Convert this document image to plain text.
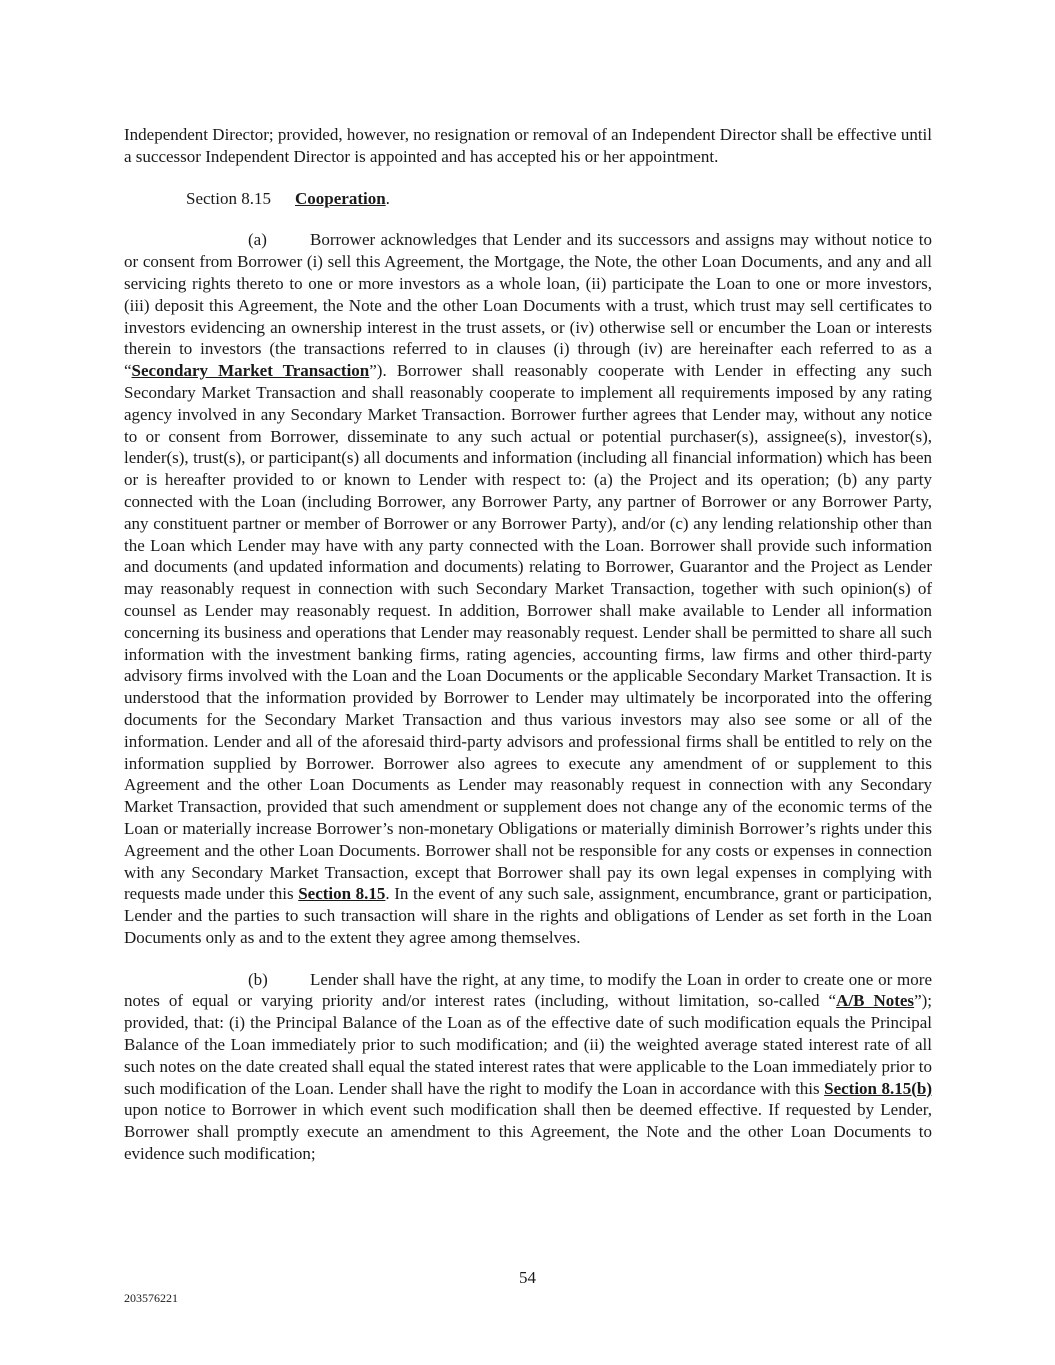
Independent Director; provided, however, no resignation or removal of an Independent Director shall be effective until a successor Independent Director is appointed and has accepted his or her appointment.

Section 8.15 Cooperation.

(a)	Borrower acknowledges that Lender and its successors and assigns may without notice to or consent from Borrower (i) sell this Agreement, the Mortgage, the Note, the other Loan Documents, and any and all servicing rights thereto to one or more investors as a whole loan, (ii) participate the Loan to one or more investors, (iii) deposit this Agreement, the Note and the other Loan Documents with a trust, which trust may sell certificates to investors evidencing an ownership interest in the trust assets, or (iv) otherwise sell or encumber the Loan or interests therein to investors (the transactions referred to in clauses (i) through (iv) are hereinafter each referred to as a “Secondary Market Transaction”). Borrower shall reasonably cooperate with Lender in effecting any such Secondary Market Transaction and shall reasonably cooperate to implement all requirements imposed by any rating agency involved in any Secondary Market Transaction. Borrower further agrees that Lender may, without any notice to or consent from Borrower, disseminate to any such actual or potential purchaser(s), assignee(s), investor(s), lender(s), trust(s), or participant(s) all documents and information (including all financial information) which has been or is hereafter provided to or known to Lender with respect to: (a) the Project and its operation; (b) any party connected with the Loan (including Borrower, any Borrower Party, any partner of Borrower or any Borrower Party, any constituent partner or member of Borrower or any Borrower Party), and/or (c) any lending relationship other than the Loan which Lender may have with any party connected with the Loan. Borrower shall provide such information and documents (and updated information and documents) relating to Borrower, Guarantor and the Project as Lender may reasonably request in connection with such Secondary Market Transaction, together with such opinion(s) of counsel as Lender may reasonably request. In addition, Borrower shall make available to Lender all information concerning its business and operations that Lender may reasonably request. Lender shall be permitted to share all such information with the investment banking firms, rating agencies, accounting firms, law firms and other third-party advisory firms involved with the Loan and the Loan Documents or the applicable Secondary Market Transaction. It is understood that the information provided by Borrower to Lender may ultimately be incorporated into the offering documents for the Secondary Market Transaction and thus various investors may also see some or all of the information. Lender and all of the aforesaid third-party advisors and professional firms shall be entitled to rely on the information supplied by Borrower. Borrower also agrees to execute any amendment of or supplement to this Agreement and the other Loan Documents as Lender may reasonably request in connection with any Secondary Market Transaction, provided that such amendment or supplement does not change any of the economic terms of the Loan or materially increase Borrower’s non-monetary Obligations or materially diminish Borrower’s rights under this Agreement and the other Loan Documents. Borrower shall not be responsible for any costs or expenses in connection with any Secondary Market Transaction, except that Borrower shall pay its own legal expenses in complying with requests made under this Section 8.15. In the event of any such sale, assignment, encumbrance, grant or participation, Lender and the parties to such transaction will share in the rights and obligations of Lender as set forth in the Loan Documents only as and to the extent they agree among themselves.

(b) Lender shall have the right, at any time, to modify the Loan in order to create one or more notes of equal or varying priority and/or interest rates (including, without limitation, so-called “A/B Notes”); provided, that: (i) the Principal Balance of the Loan as of the effective date of such modification equals the Principal Balance of the Loan immediately prior to such modification; and (ii) the weighted average stated interest rate of all such notes on the date created shall equal the stated interest rates that were applicable to the Loan immediately prior to such modification of the Loan. Lender shall have the right to modify the Loan in accordance with this Section 8.15(b) upon notice to Borrower in which event such modification shall then be deemed effective. If requested by Lender, Borrower shall promptly execute an amendment to this Agreement, the Note and the other Loan Documents to evidence such modification;

54
203576221
